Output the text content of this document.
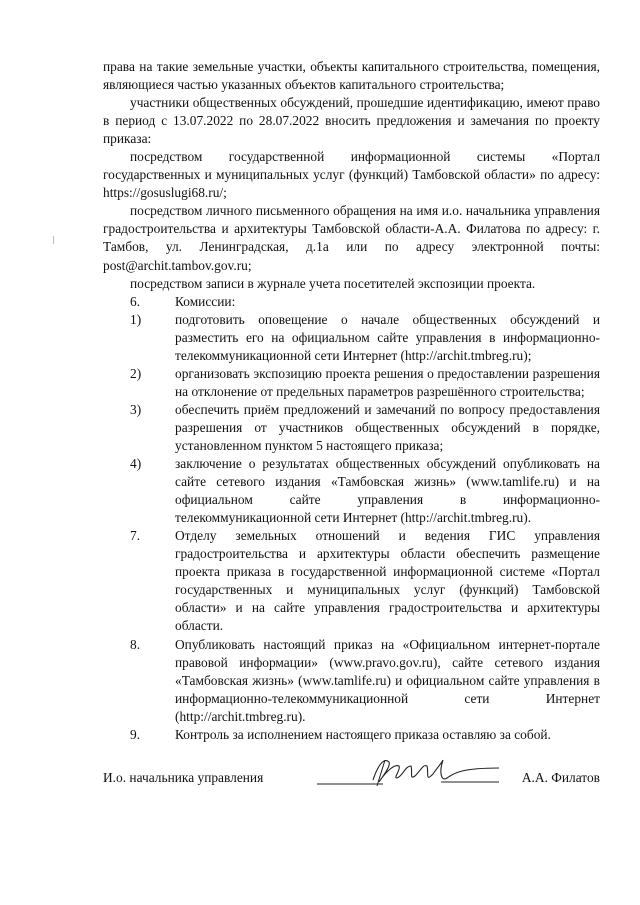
права на такие земельные участки, объекты капитального строительства, помещения, являющиеся частью указанных объектов капитального строительства;

участники общественных обсуждений, прошедшие идентификацию, имеют право в период с 13.07.2022 по 28.07.2022 вносить предложения и замечания по проекту приказа:

посредством государственной информационной системы «Портал государственных и муниципальных услуг (функций) Тамбовской области» по адресу: https://gosuslugi68.ru/;

посредством личного письменного обращения на имя и.о. начальника управления градостроительства и архитектуры Тамбовской области-А.А. Филатова по адресу: г. Тамбов, ул. Ленинградская, д.1а или по адресу электронной почты: post@archit.tambov.gov.ru;

посредством записи в журнале учета посетителей экспозиции проекта.

6.	Комиссии:
1)	подготовить оповещение о начале общественных обсуждений и разместить его на официальном сайте управления в информационно-телекоммуникационной сети Интернет (http://archit.tmbreg.ru);
2)	организовать экспозицию проекта решения о предоставлении разрешения на отклонение от предельных параметров разрешённого строительства;
3)	обеспечить приём предложений и замечаний по вопросу предоставления разрешения от участников общественных обсуждений в порядке, установленном пунктом 5 настоящего приказа;
4)	заключение о результатах общественных обсуждений опубликовать на сайте сетевого издания «Тамбовская жизнь» (www.tamlife.ru) и на официальном сайте управления в информационно-телекоммуникационной сети Интернет (http://archit.tmbreg.ru).
7.	Отделу земельных отношений и ведения ГИС управления градостроительства и архитектуры области обеспечить размещение проекта приказа в государственной информационной системе «Портал государственных и муниципальных услуг (функций) Тамбовской области» и на сайте управления градостроительства и архитектуры области.
8.	Опубликовать настоящий приказ на «Официальном интернет-портале правовой информации» (www.pravo.gov.ru), сайте сетевого издания «Тамбовская жизнь» (www.tamlife.ru) и официальном сайте управления в информационно-телекоммуникационной сети Интернет (http://archit.tmbreg.ru).
9.	Контроль за исполнением настоящего приказа оставляю за собой.
И.о. начальника управления	А.А. Филатов
